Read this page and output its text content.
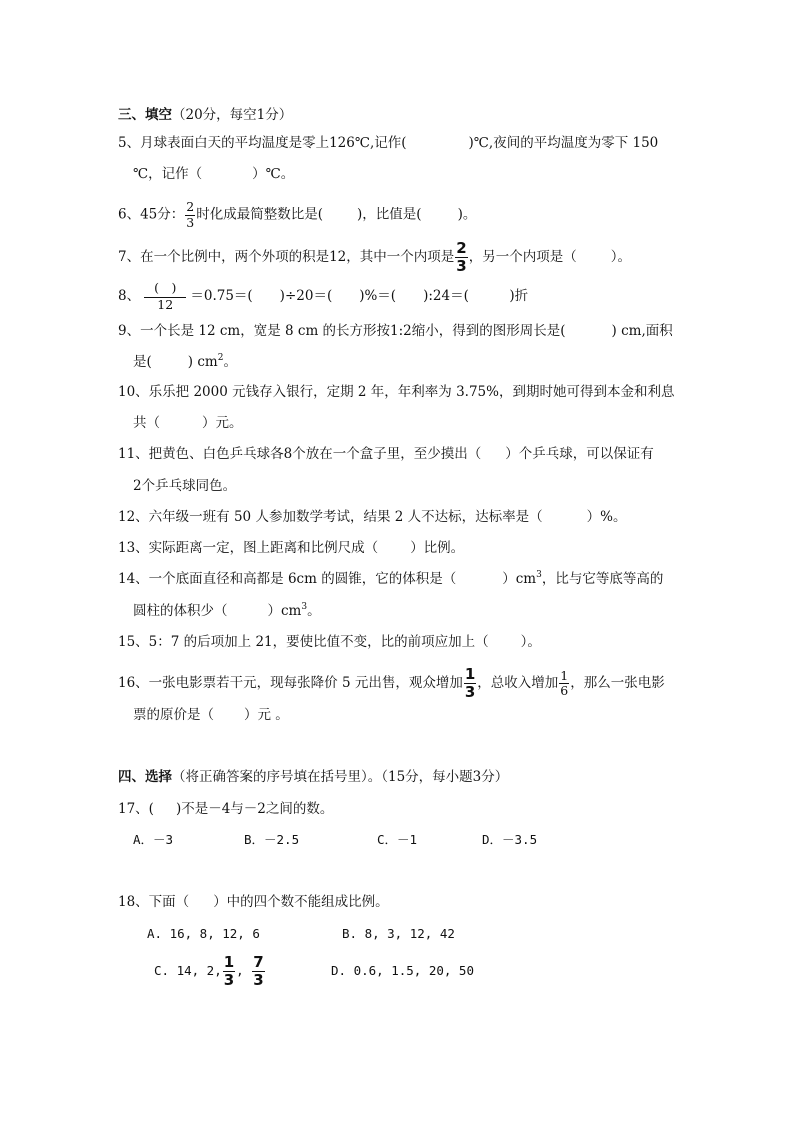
三、填空（20分，每空1分）
5、月球表面白天的平均温度是零上126℃,记作(	)℃,夜间的平均温度为零下 150
℃，记作（	）℃。
6、45分： $\frac{2}{3}$ 时化成最简整数比是(	)，比值是(	)。
7、在一个比例中，两个外项的积是12，其中一个内项是 $\frac{2}{3}$ ，另一个内项是（	）。
8、 $\frac{( )}{12} =0.75=$(　　)÷20＝(　　)%＝(　　):24＝(　　　)折
9、一个长是 12 cm，宽是 8 cm 的长方形按1:2缩小，得到的图形周长是(	) cm,面积
是(	) $cm^2$。
10、乐乐把 2000 元钱存入银行，定期 2 年，年利率为 3.75%，到期时她可得到本金和利息
共（	）元。
11、把黄色、白色乒乓球各8个放在一个盒子里，至少摸出（ ）个乒乓球，可以保证有
2个乒乓球同色。
12、六年级一班有 50 人参加数学考试，结果 2 人不达标，达标率是（	）%。
13、实际距离一定，图上距离和比例尺成（ ）比例。
14、一个底面直径和高都是 6cm 的圆锥，它的体积是（	）$cm^3$，比与它等底等高的
圆柱的体积少（	）$cm^3$。
15、5：7 的后项加上 21，要使比值不变，比的前项应加上（ ）。
16、一张电影票若干元，现每张降价 5 元出售，观众增加 $\frac{1}{3}$ ，总收入增加 $\frac{1}{6}$ ，那么一张电影
票的原价是（ ）元 。
四、选择（将正确答案的序号填在括号里）。（15分，每小题3分）
17、( )不是－4与－2之间的数。
A．－3	B．－2.5	C．－1	D．－3.5
18、下面（ ）中的四个数不能组成比例。
A. 16, 8, 12, 6	B. 8, 3, 12, 42
C. 14, 2, $\frac{1}{3}$ , $\frac{7}{3}$	D. 0.6, 1.5, 20, 50
